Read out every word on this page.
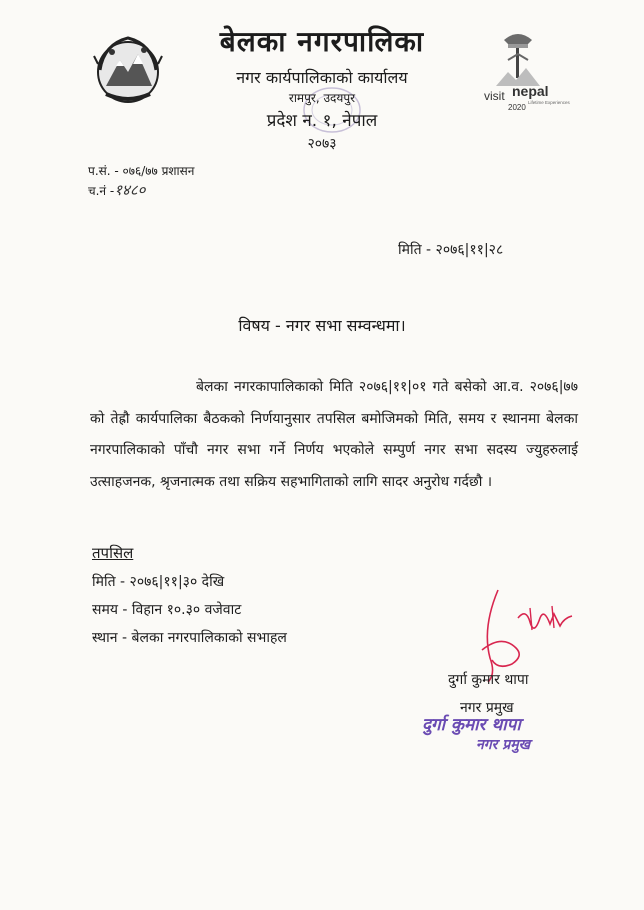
visit nepal
2020
Lifetime Experiences
बेलका नगरपालिका
नगर कार्यपालिकाको कार्यालय
रामपुर, उदयपुर
प्रदेश न. १, नेपाल
२०७३
प.सं. - ०७६/७७ प्रशासन
च.नं -१४८०
मिति - २०७६|११|२८
विषय - नगर सभा सम्वन्धमा।
बेलका नगरकापालिकाको मिति २०७६|११|०१ गते बसेको आ.व. २०७६|७७ को तेह्रौ कार्यपालिका बैठकको निर्णयानुसार तपसिल बमोजिमको मिति, समय र स्थानमा बेलका नगरपालिकाको पाँचौ नगर सभा गर्ने निर्णय भएकोले सम्पुर्ण नगर सभा सदस्य ज्युहरुलाई उत्साहजनक, श्रृजनात्मक तथा सक्रिय सहभागिताको लागि सादर अनुरोध गर्दछौ ।
तपसिल
मिति - २०७६|११|३० देखि
समय - विहान १०.३० वजेवाट
स्थान - बेलका नगरपालिकाको सभाहल
दुर्गा कुमार थापा
नगर प्रमुख
दुर्गा कुमार थापा
नगर प्रमुख
